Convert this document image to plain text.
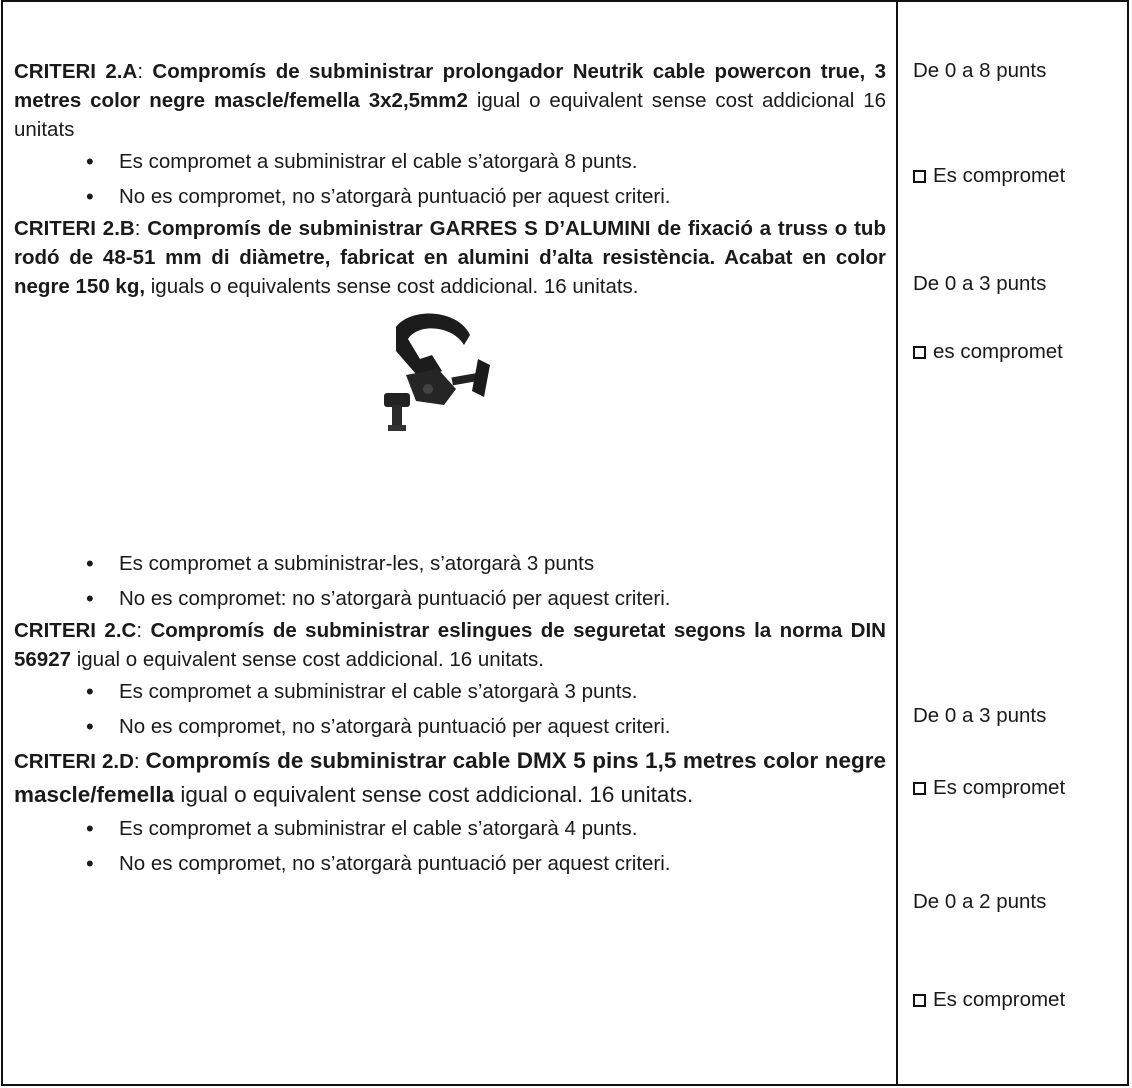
CRITERI 2.A: Compromís de subministrar prolongador Neutrik cable powercon true, 3 metres color negre mascle/femella 3x2,5mm2 igual o equivalent sense cost addicional 16 unitats

• Es compromet a subministrar el cable s’atorgarà 8 punts.
• No es compromet, no s’atorgarà puntuació per aquest criteri.

CRITERI 2.B: Compromís de subministrar GARRES S D’ALUMINI de fixació a truss o tub rodó de 48-51 mm di diàmetre, fabricat en alumini d’alta resistència. Acabat en color negre 150 kg, iguals o equivalents sense cost addicional. 16 unitats.

• Es compromet a subministrar-les, s’atorgarà 3 punts
• No es compromet: no s’atorgarà puntuació per aquest criteri.

CRITERI 2.C: Compromís de subministrar eslingues de seguretat segons la norma DIN 56927 igual o equivalent sense cost addicional. 16 unitats.

• Es compromet a subministrar el cable s’atorgarà 3 punts.
• No es compromet, no s’atorgarà puntuació per aquest criteri.

CRITERI 2.D: Compromís de subministrar cable DMX 5 pins 1,5 metres color negre mascle/femella igual o equivalent sense cost addicional. 16 unitats.

• Es compromet a subministrar el cable s’atorgarà 4 punts.
• No es compromet, no s’atorgarà puntuació per aquest criteri.
De 0 a 8 punts
Es compromet
De 0 a 3 punts
es compromet
De 0 a 3 punts
Es compromet
De 0 a 2 punts
Es compromet
